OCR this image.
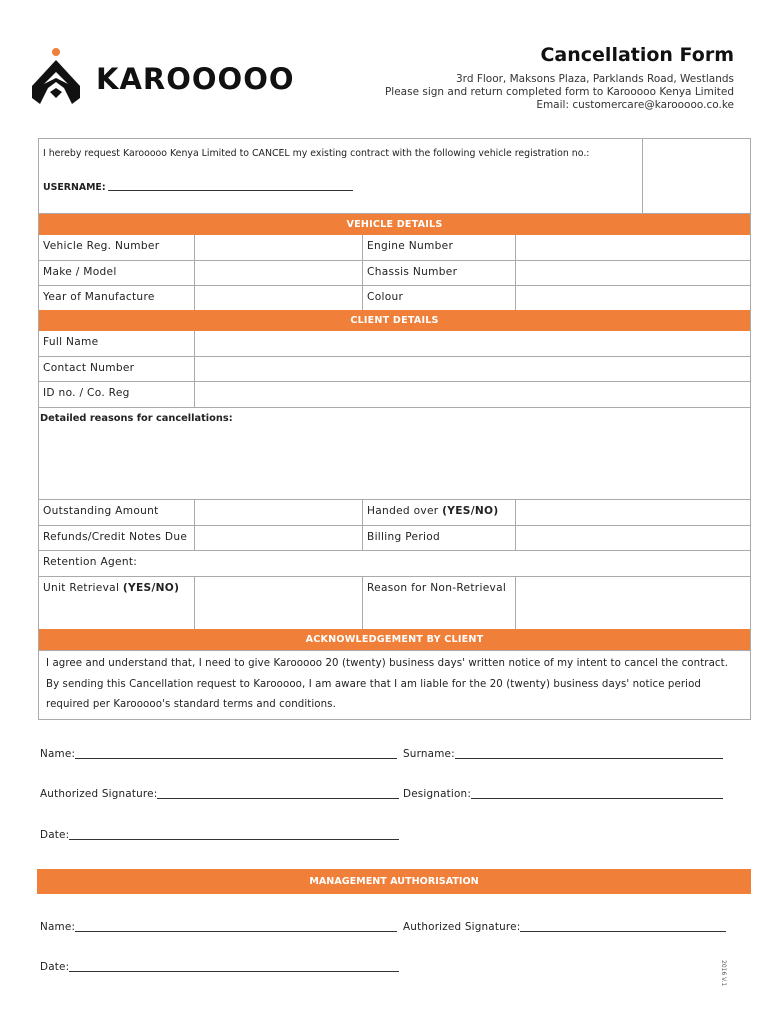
KAROOOOO
Cancellation Form
3rd Floor, Maksons Plaza, Parklands Road, Westlands
Please sign and return completed form to Karooooo Kenya Limited
Email: customercare@karooooo.co.ke
I hereby request Karooooo Kenya Limited to CANCEL my existing contract with the following vehicle registration no.:
USERNAME:
VEHICLE DETAILS
Vehicle Reg. Number	Engine Number
Make / Model	Chassis Number
Year of Manufacture	Colour
CLIENT DETAILS
Full Name
Contact Number
ID no. / Co. Reg
Detailed reasons for cancellations:
Outstanding Amount	Handed over (YES/NO)
Refunds/Credit Notes Due	Billing Period
Retention Agent:
Unit Retrieval (YES/NO)	Reason for Non-Retrieval
ACKNOWLEDGEMENT BY CLIENT
I agree and understand that, I need to give Karooooo 20 (twenty) business days' written notice of my intent to cancel the contract. By sending this Cancellation request to Karooooo, I am aware that I am liable for the 20 (twenty) business days' notice period required per Karooooo's standard terms and conditions.
Name:	Surname:
Authorized Signature:	Designation:
Date:
MANAGEMENT AUTHORISATION
Name:	Authorized Signature:
Date:	2016 V.1
